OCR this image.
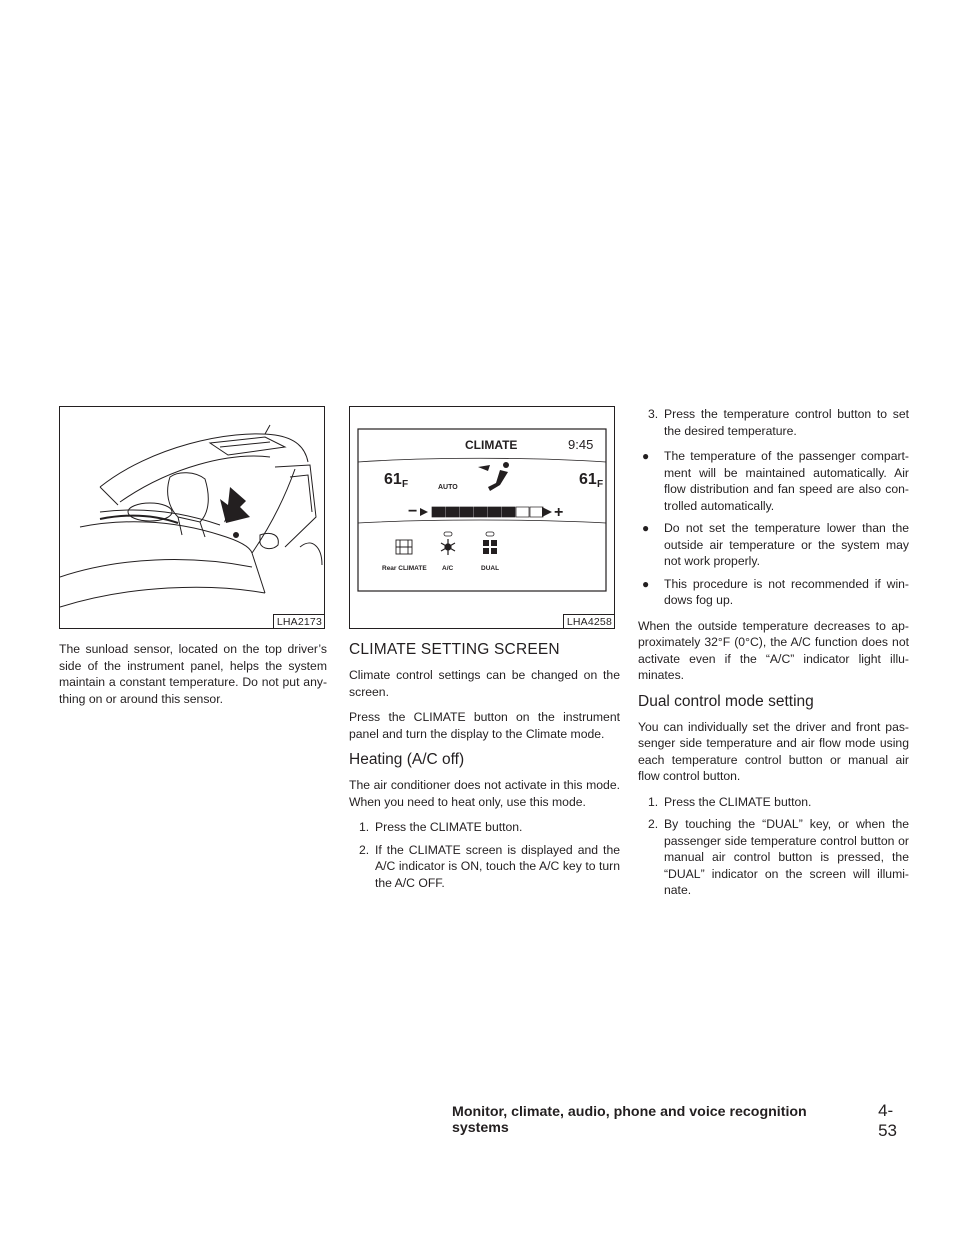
LHA2173

The sunload sensor, located on the top driver’s side of the instrument panel, helps the system maintain a constant temperature. Do not put any- thing on or around this sensor.

CLIMATE	9:45
61 F	AUTO	61 F
−	+
Rear CLIMATE A/C	DUAL
LHA4258
CLIMATE SETTING SCREEN

Climate control settings can be changed on the screen.

Press the CLIMATE button on the instrument panel and turn the display to the Climate mode.

Heating (A/C off)

The air conditioner does not activate in this mode. When you need to heat only, use this mode.

1. Press the CLIMATE button.
2. If the CLIMATE screen is displayed and the A/C indicator is ON, touch the A/C key to turn the A/C OFF.
3. Press the temperature control button to set the desired temperature.
● The temperature of the passenger compart- ment will be maintained automatically. Air flow distribution and fan speed are also con- trolled automatically.
● Do not set the temperature lower than the outside air temperature or the system may not work properly.
● This procedure is not recommended if win- dows fog up.

When the outside temperature decreases to ap- proximately 32°F (0°C), the A/C function does not activate even if the “A/C” indicator light illu- minates.

Dual control mode setting

You can individually set the driver and front pas- senger side temperature and air flow mode using each temperature control button or manual air flow control button.

1. Press the CLIMATE button.
2. By touching the “DUAL” key, or when the passenger side temperature control button or manual air control button is pressed, the “DUAL” indicator on the screen will illumi- nate.
Monitor, climate, audio, phone and voice recognition systems
4-53
